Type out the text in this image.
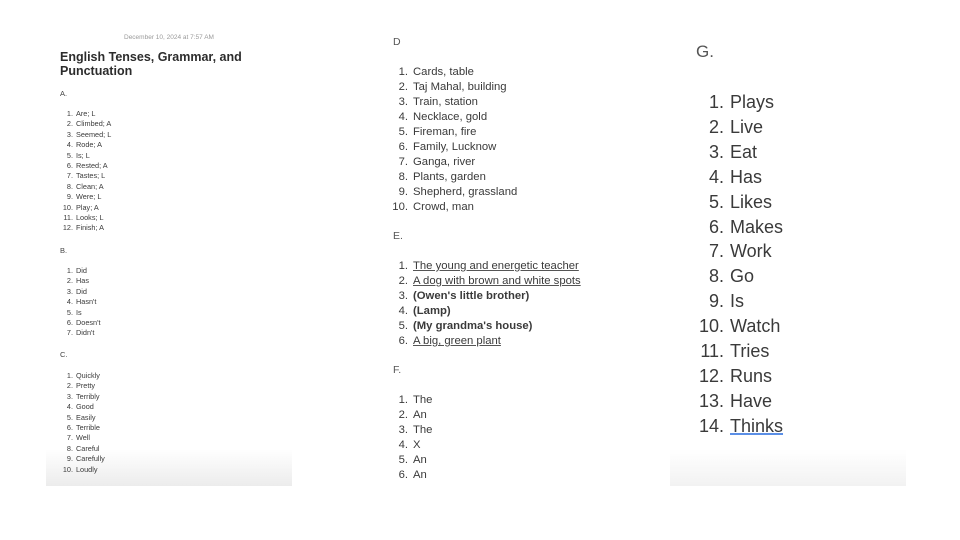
December 10, 2024 at 7:57 AM
English Tenses, Grammar, and Punctuation
A.
1. Are; L
2. Climbed; A
3. Seemed; L
4. Rode; A
5. Is; L
6. Rested; A
7. Tastes; L
8. Clean; A
9. Were; L
10. Play; A
11. Looks; L
12. Finish; A
B.
1. Did
2. Has
3. Did
4. Hasn't
5. Is
6. Doesn't
7. Didn't
C.
1. Quickly
2. Pretty
3. Terribly
4. Good
5. Easily
6. Terrible
7. Well
8. Careful
9. Carefully
10. Loudly
D
1. Cards, table
2. Taj Mahal, building
3. Train, station
4. Necklace, gold
5. Fireman, fire
6. Family, Lucknow
7. Ganga, river
8. Plants, garden
9. Shepherd, grassland
10. Crowd, man
E.
1. The young and energetic teacher
2. A dog with brown and white spots
3. (Owen's little brother)
4. (Lamp)
5. (My grandma's house)
6. A big, green plant
F.
1. The
2. An
3. The
4. X
5. An
6. An
G.
1. Plays
2. Live
3. Eat
4. Has
5. Likes
6. Makes
7. Work
8. Go
9. Is
10. Watch
11. Tries
12. Runs
13. Have
14. Thinks
